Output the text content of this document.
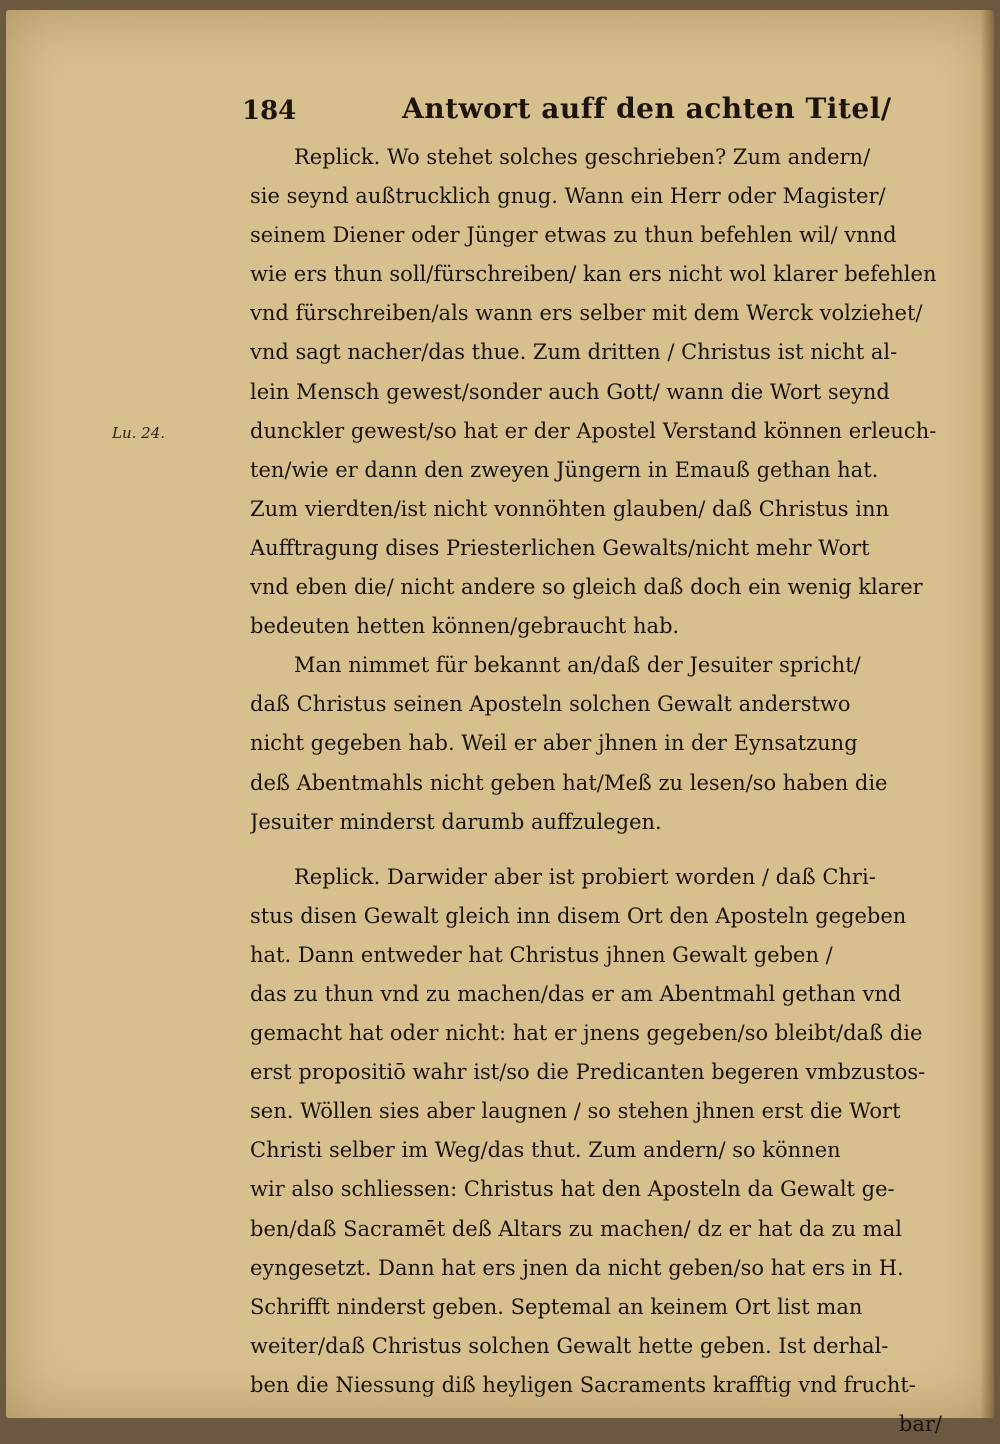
184	Antwort auff den achten Titel/
Lu. 24.
Replick. Wo stehet solches geschrieben? Zum andern/
sie seynd außtrucklich gnug. Wann ein Herr oder Magister/
seinem Diener oder Jünger etwas zu thun befehlen wil/ vnnd
wie ers thun soll/fürschreiben/ kan ers nicht wol klarer befehlen
vnd fürschreiben/als wann ers selber mit dem Werck volziehet/
vnd sagt nacher/das thue. Zum dritten / Christus ist nicht al-
lein Mensch gewest/sonder auch Gott/ wann die Wort seynd
dunckler gewest/so hat er der Apostel Verstand können erleuch-
ten/wie er dann den zweyen Jüngern in Emauß gethan hat.
Zum vierdten/ist nicht vonnöhten glauben/ daß Christus inn
Aufftragung dises Priesterlichen Gewalts/nicht mehr Wort
vnd eben die/ nicht andere so gleich daß doch ein wenig klarer
bedeuten hetten können/gebraucht hab.
Man nimmet für bekannt an/daß der Jesuiter spricht/
daß Christus seinen Aposteln solchen Gewalt anderstwo
nicht gegeben hab. Weil er aber jhnen in der Eynsatzung
deß Abentmahls nicht geben hat/Meß zu lesen/so haben die
Jesuiter minderst darumb auffzulegen.
Replick. Darwider aber ist probiert worden / daß Chri-
stus disen Gewalt gleich inn disem Ort den Aposteln gegeben
hat. Dann entweder hat Christus jhnen Gewalt geben /
das zu thun vnd zu machen/das er am Abentmahl gethan vnd
gemacht hat oder nicht: hat er jnens gegeben/so bleibt/daß die
erst propositiō wahr ist/so die Predicanten begeren vmbzustos-
sen. Wöllen sies aber laugnen / so stehen jhnen erst die Wort
Christi selber im Weg/das thut. Zum andern/ so können
wir also schliessen: Christus hat den Aposteln da Gewalt ge-
ben/daß Sacramēt deß Altars zu machen/ dz er hat da zu mal
eyngesetzt. Dann hat ers jnen da nicht geben/so hat ers in H.
Schrifft ninderst geben. Septemal an keinem Ort list man
weiter/daß Christus solchen Gewalt hette geben. Ist derhal-
ben die Niessung diß heyligen Sacraments krafftig vnd frucht-
bar/
